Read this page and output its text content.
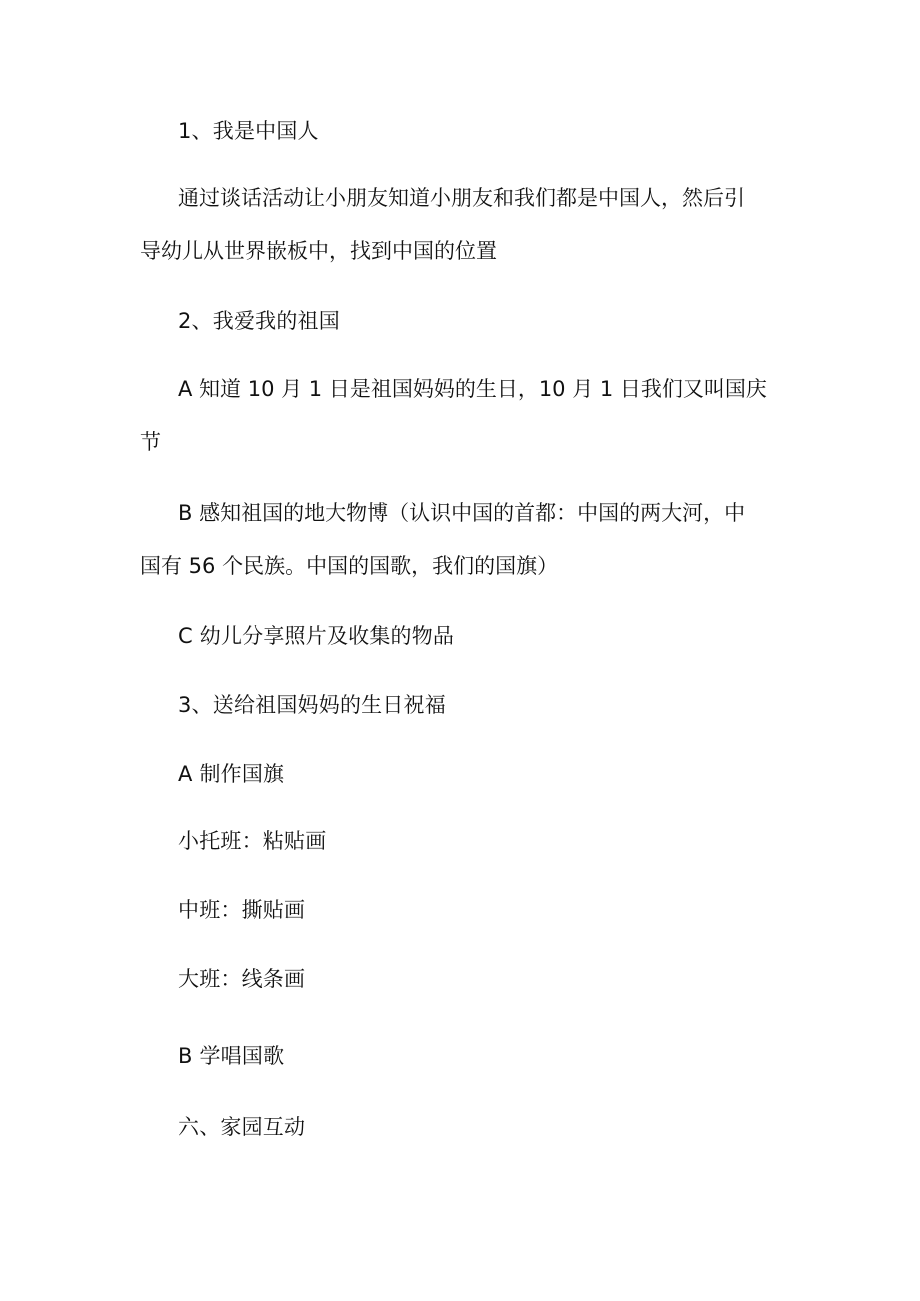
1、我是中国人
通过谈话活动让小朋友知道小朋友和我们都是中国人，然后引
导幼儿从世界嵌板中，找到中国的位置
2、我爱我的祖国
A 知道 10 月 1 日是祖国妈妈的生日，10 月 1 日我们又叫国庆
节
B 感知祖国的地大物博（认识中国的首都：中国的两大河，中
国有 56 个民族。中国的国歌，我们的国旗）
C 幼儿分享照片及收集的物品
3、送给祖国妈妈的生日祝福
A 制作国旗
小托班：粘贴画
中班：撕贴画
大班：线条画
B 学唱国歌
六、家园互动
